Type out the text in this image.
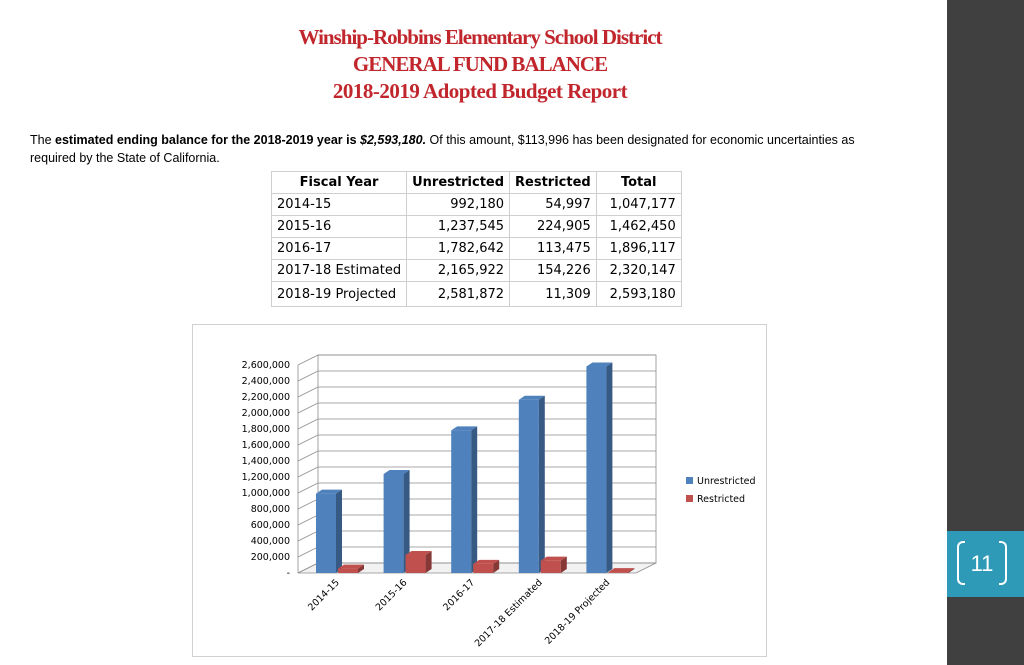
11
Winship-Robbins Elementary School District
GENERAL FUND BALANCE
2018-2019 Adopted Budget Report
The estimated ending balance for the 2018-2019 year is $2,593,180. Of this amount, $113,996 has been designated for economic uncertainties as required by the State of California.
Fiscal Year	Unrestricted	Restricted	Total
2014-15	992,180	54,997	1,047,177
2015-16	1,237,545	224,905	1,462,450
2016-17	1,782,642	113,475	1,896,117
2017-18 Estimated	2,165,922	154,226	2,320,147
2018-19 Projected	2,581,872	11,309	2,593,180
-
200,000
400,000
600,000
800,000
1,000,000
1,200,000
1,400,000
1,600,000
1,800,000
2,000,000
2,200,000
2,400,000
2,600,000
2014-15	2015-16	2016-17
2017-18 Estimated
2018-19 Projected
Unrestricted
Restricted
